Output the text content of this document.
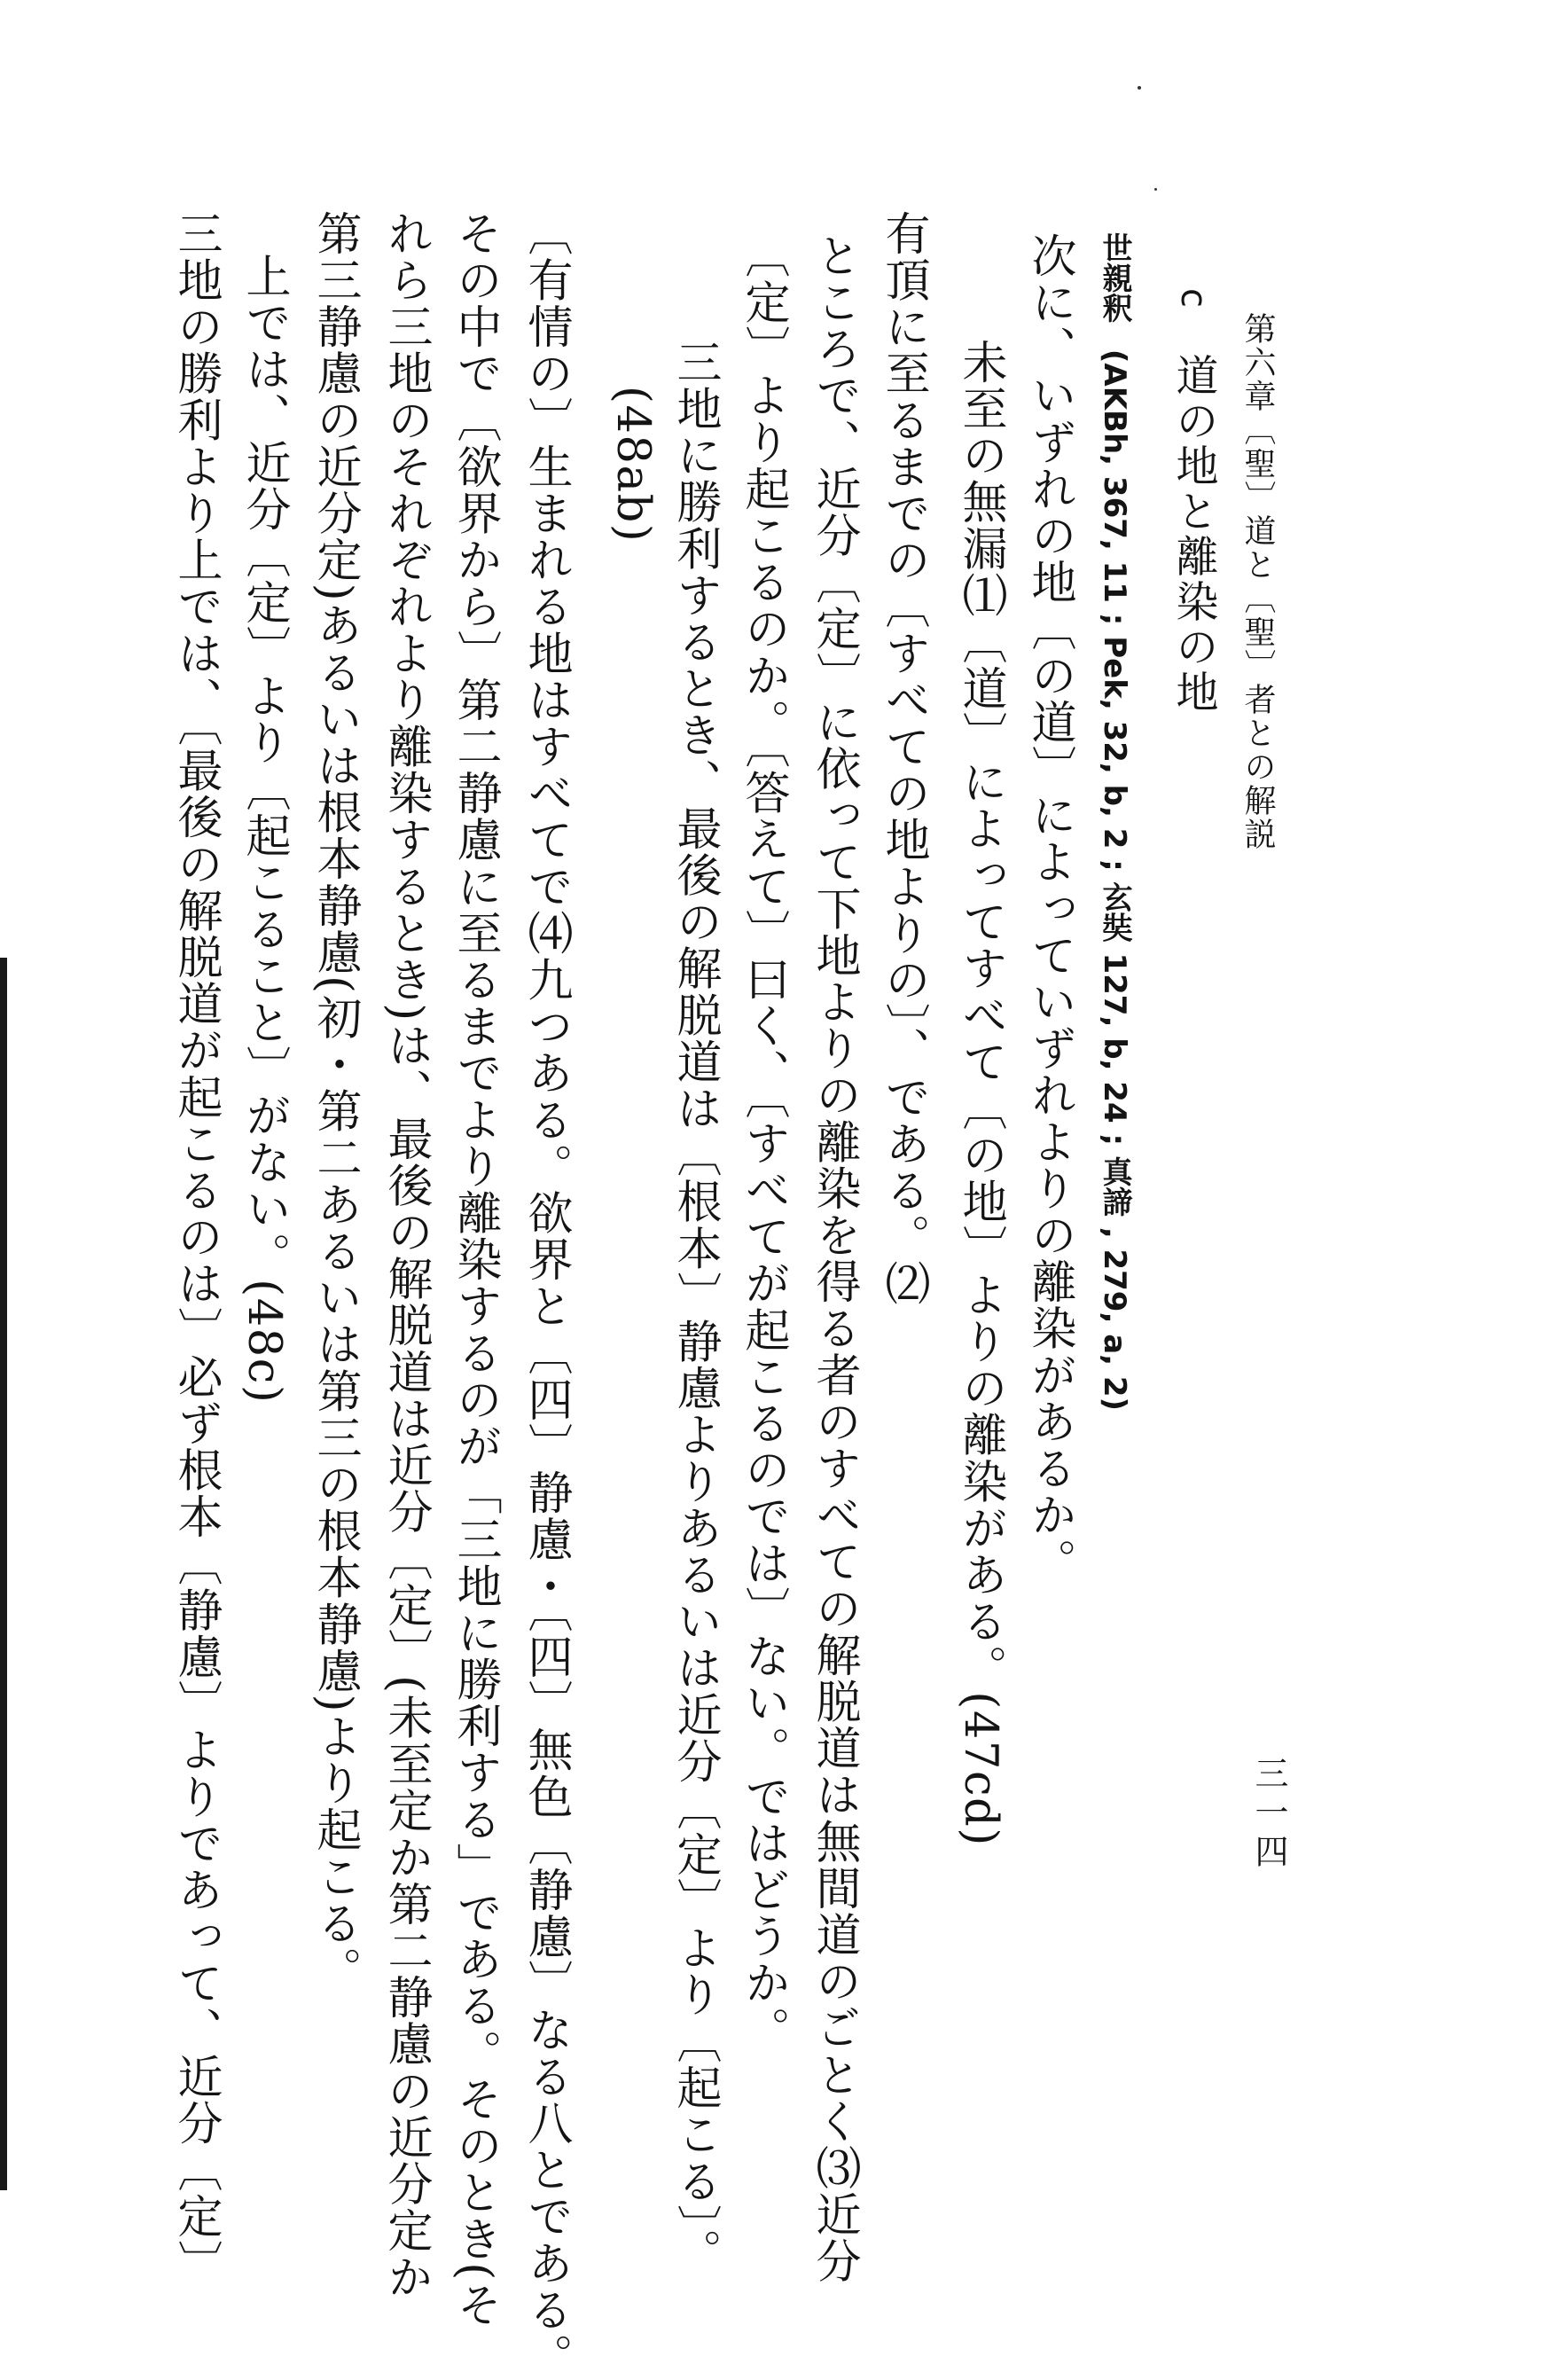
第六章〔聖〕道と〔聖〕者との解説
三一四
c 道の地と離染の地
世親釈 (AKBh, 367, 11 ; Pek, 32, b, 2 ; 玄奘 127, b, 24 ; 真諦 , 279, a, 2)
次に、いずれの地〔の道〕によっていずれよりの離染があるか。
未至の無漏⑴〔道〕によってすべて〔の地〕よりの離染がある。(47cd)
有頂に至るまでの〔すべての地よりの〕、である。⑵
ところで、近分〔定〕に依って下地よりの離染を得る者のすべての解脱道は無間道のごとく⑶近分
〔定〕より起こるのか。〔答えて〕曰く、〔すべてが起こるのでは〕ない。ではどうか。
三地に勝利するとき、最後の解脱道は〔根本〕静慮よりあるいは近分〔定〕より〔起こる〕。
(48ab)
〔有情の〕生まれる地はすべてで⑷九つある。欲界と〔四〕静慮・〔四〕無色〔静慮〕なる八とである。
その中で〔欲界から〕第二静慮に至るまでより離染するのが「三地に勝利する」である。そのとき(そ
れら三地のそれぞれより離染するとき)は、最後の解脱道は近分〔定〕(未至定か第二静慮の近分定か
第三静慮の近分定)あるいは根本静慮(初・第二あるいは第三の根本静慮)より起こる。
上では、近分〔定〕より〔起こること〕がない。(48c)
三地の勝利より上では、〔最後の解脱道が起こるのは〕必ず根本〔静慮〕よりであって、近分〔定〕
